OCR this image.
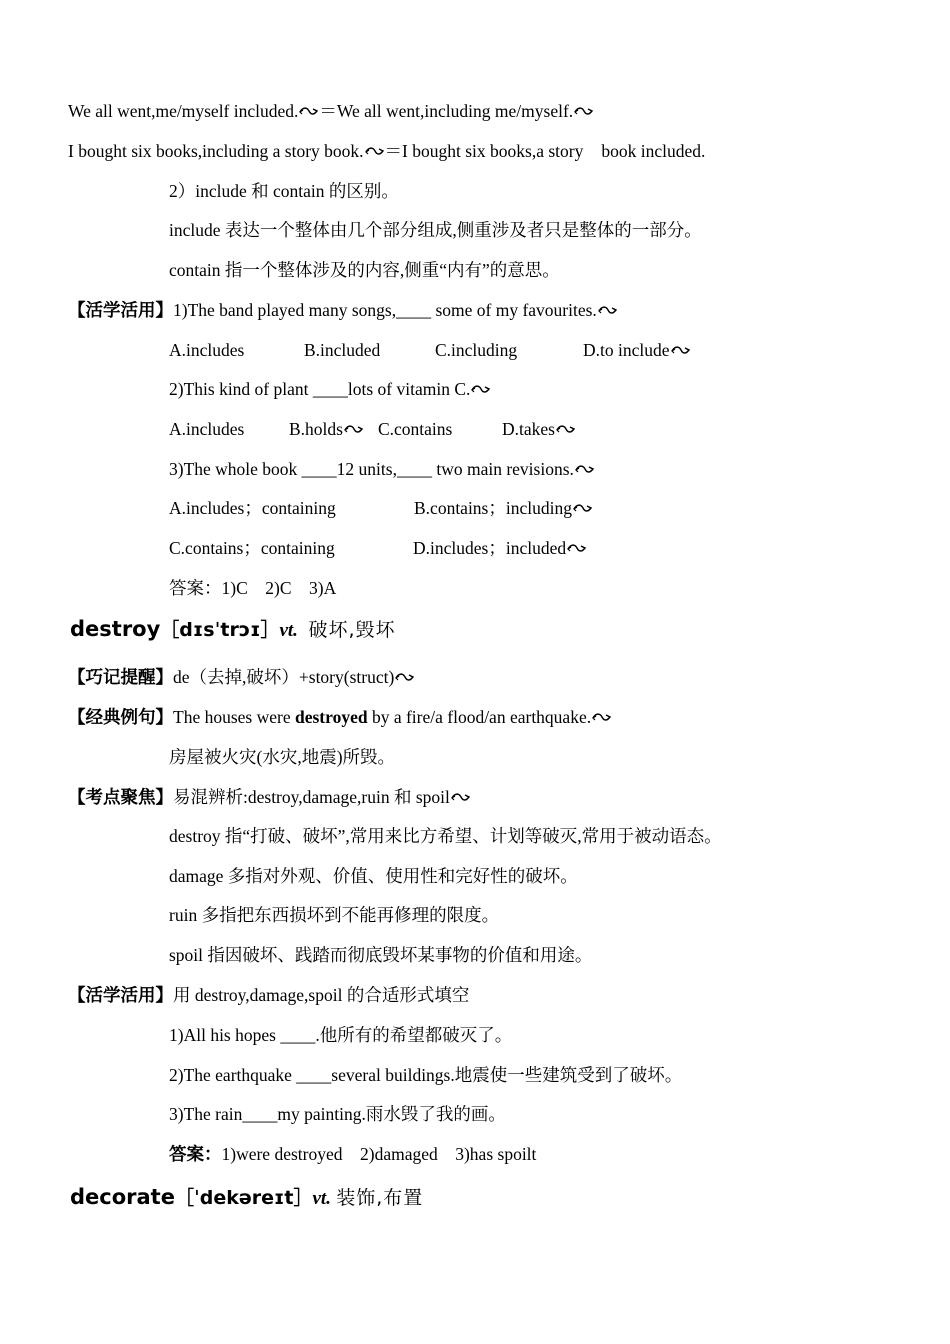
We all went,me/myself included. ＝We all went,including me/myself.
I bought six books,including a story book. ＝I bought six books,a story book included.
2）include 和 contain 的区别。
include 表达一个整体由几个部分组成,侧重涉及者只是整体的一部分。
contain 指一个整体涉及的内容,侧重“内有”的意思。
【活学活用】1)The band played many songs,____ some of my favourites.
A.includes	B.included	C.including	D.to include
2)This kind of plant ____lots of vitamin C.
A.includes	B.holds C.contains	D.takes
3)The whole book ____12 units,____ two main revisions.
A.includes；containing	B.contains；including
C.contains；containing	D.includes；included
答案：1)C　2)C　3)A
destroy［dɪsˈtrɔɪ］vt. 破坏,毁坏
【巧记提醒】de（去掉,破坏）+story(struct)
【经典例句】The houses were destroyed by a fire/a flood/an earthquake.
房屋被火灾(水灾,地震)所毁。
【考点聚焦】易混辨析:destroy,damage,ruin 和 spoil
destroy 指“打破、破坏”,常用来比方希望、计划等破灭,常用于被动语态。
damage 多指对外观、价值、使用性和完好性的破坏。
ruin 多指把东西损坏到不能再修理的限度。
spoil 指因破坏、践踏而彻底毁坏某事物的价值和用途。
【活学活用】用 destroy,damage,spoil 的合适形式填空
1)All his hopes ____.他所有的希望都破灭了。
2)The earthquake ____several buildings.地震使一些建筑受到了破坏。
3)The rain____my painting.雨水毁了我的画。
答案：1)were destroyed　2)damaged　3)has spoilt
decorate［ˈdekəreɪt］vt. 装饰,布置
